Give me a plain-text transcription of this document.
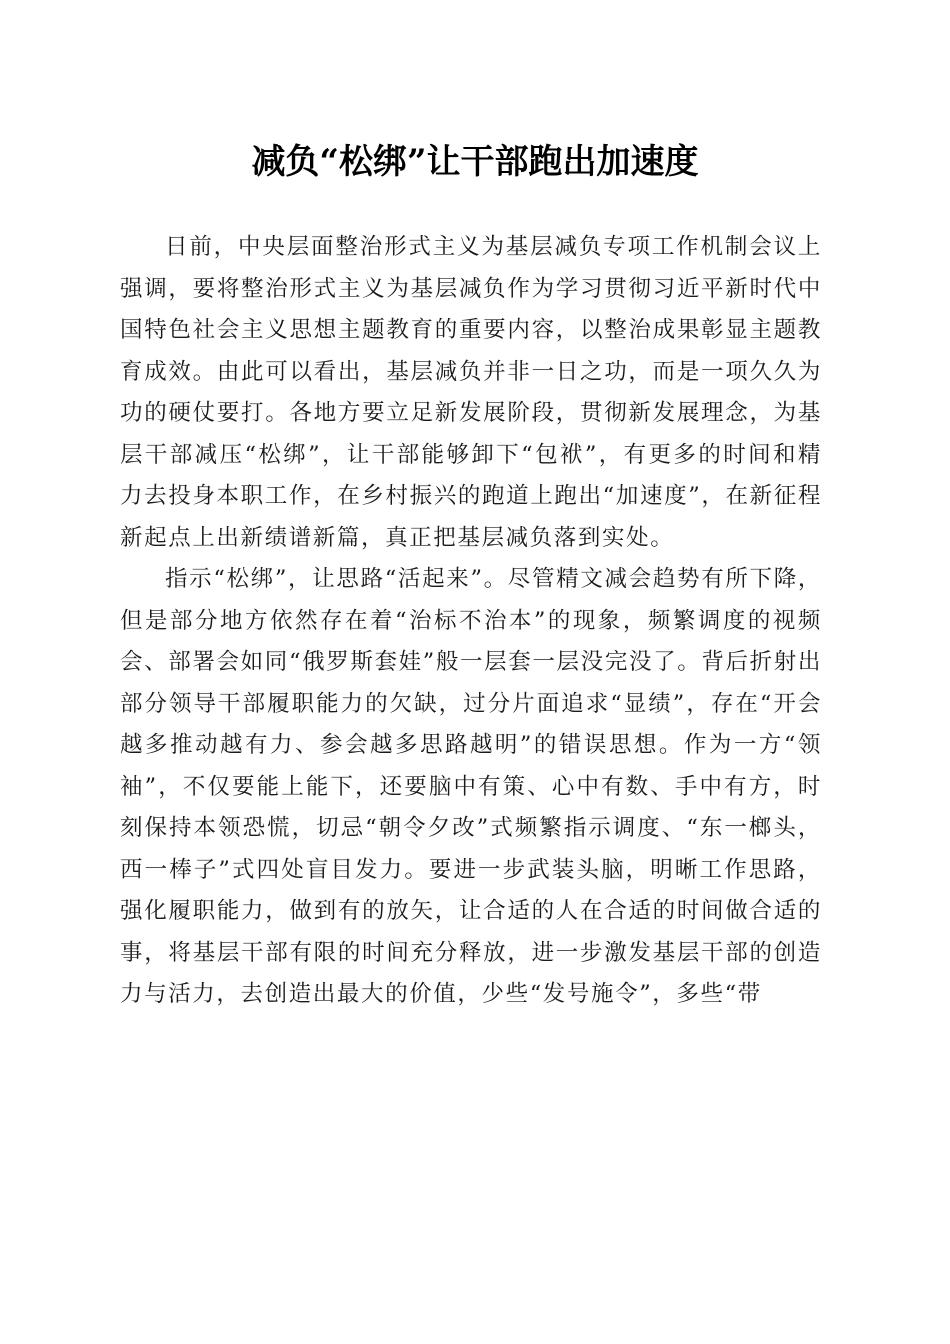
减负“松绑”让干部跑出加速度

日前，中央层面整治形式主义为基层减负专项工作机制会议上强调，要将整治形式主义为基层减负作为学习贯彻习近平新时代中国特色社会主义思想主题教育的重要内容，以整治成果彰显主题教育成效。由此可以看出，基层减负并非一日之功，而是一项久久为功的硬仗要打。各地方要立足新发展阶段，贯彻新发展理念，为基层干部减压“松绑”，让干部能够卸下“包袱”，有更多的时间和精力去投身本职工作，在乡村振兴的跑道上跑出“加速度”，在新征程新起点上出新绩谱新篇，真正把基层减负落到实处。

指示“松绑”，让思路“活起来”。尽管精文减会趋势有所下降，但是部分地方依然存在着“治标不治本”的现象，频繁调度的视频会、部署会如同“俄罗斯套娃”般一层套一层没完没了。背后折射出部分领导干部履职能力的欠缺，过分片面追求“显绩”，存在“开会越多推动越有力、参会越多思路越明”的错误思想。作为一方“领袖”，不仅要能上能下，还要脑中有策、心中有数、手中有方，时刻保持本领恐慌，切忌“朝令夕改”式频繁指示调度、“东一榔头，西一棒子”式四处盲目发力。要进一步武装头脑，明晰工作思路，强化履职能力，做到有的放矢，让合适的人在合适的时间做合适的事，将基层干部有限的时间充分释放，进一步激发基层干部的创造力与活力，去创造出最大的价值，少些“发号施令”，多些“带
